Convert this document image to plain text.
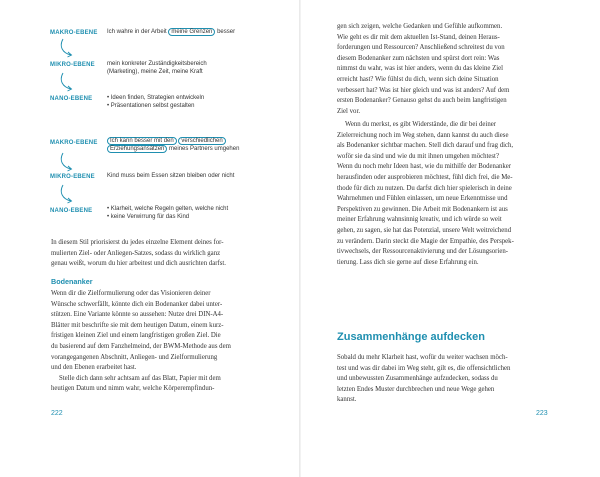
MAKRO-EBENE Ich wahre in der Arbeit meine Grenzen besser
MIKRO-EBENE mein konkreter Zuständigkeitsbereich
(Marketing), meine Zeit, meine Kraft
NANO-EBENE • Ideen finden, Strategien entwickeln
• Präsentationen selbst gestalten
MAKRO-EBENE	Ich kann besser mit den verschiedlichen
Erziehungsansätzen meines Partners umgehen
MIKRO-EBENE Kind muss beim Essen sitzen bleiben oder nicht
NANO-EBENE • Klarheit, welche Regeln gelten, welche nicht
• keine Verwirrung für das Kind
In diesem Stil priorisierst du jedes einzelne Element deines for-
mulierten Ziel- oder Anliegen-Satzes, sodass du wirklich ganz
genau weißt, worum du hier arbeitest und dich ausrichten darfst.
Bodenanker
Wenn dir die Zielformulierung oder das Visionieren deiner
Wünsche schwerfällt, könnte dich ein Bodenanker dabei unter-
stützen. Eine Variante könnte so aussehen: Nutze drei DIN-A4-
Blätter mit beschrifte sie mit dem heutigen Datum, einem kurz-
fristigen kleinen Ziel und einem langfristigen großen Ziel. Die
du basierend auf dem Fanzhelmeind, der BWM-Methode aus dem
vorangegangenen Abschnitt, Anliegen- und Zielformulierung
und den Ebenen erarbeitet hast.
Stelle dich dann sehr achtsam auf das Blatt, Papier mit dem
heutigen Datum und nimm wahr, welche Körperempfindun-
222
gen sich zeigen, welche Gedanken und Gefühle aufkommen.
Wie geht es dir mit dem aktuellen Ist-Stand, deinen Heraus-
forderungen und Ressourcen? Anschließend schreitest du von
diesem Bodenanker zum nächsten und spürst dort rein: Was
nimmst du wahr, was ist hier anders, wenn du das kleine Ziel
erreicht hast? Wie fühlst du dich, wenn sich deine Situation
verbessert hat? Was ist hier gleich und was ist anders? Auf dem
ersten Bodenanker? Genauso gehst du auch beim langfristigen
Ziel vor.
Wenn du merkst, es gibt Widerstände, die dir bei deiner
Zielerreichung noch im Weg stehen, dann kannst du auch diese
als Bodenanker sichtbar machen. Stell dich darauf und frag dich,
woför sie da sind und wie du mit ihnen umgehen möchtest?
Wenn du noch mehr Ideen hast, wie du mithilfe der Bodenanker
herausfinden oder ausprobieren möchtest, fühl dich frei, die Me-
thode für dich zu nutzen. Du darfst dich hier spielerisch in deine
Wahrnehmen und Fühlen einlassen, um neue Erkenntnisse und
Perspektiven zu gewinnen. Die Arbeit mit Bodenankern ist aus
meiner Erfahrung wahnsinnig kreativ, und ich würde so weit
gehen, zu sagen, sie hat das Potenzial, unsere Welt weitreichend
zu verändern. Darin steckt die Magie der Empathie, des Perspek-
tivwechsels, der Ressourcenaktivierung und der Lösungsorien-
tierung. Lass dich sie gerne auf diese Erfahrung ein.
Zusammenhänge aufdecken
Sobald du mehr Klarheit hast, wofür du weiter wachsen möch-
test und was dir dabei im Weg steht, gilt es, die offensichtlichen
und unbewussten Zusammenhänge aufzudecken, sodass du
letzten Endes Muster durchbrechen und neue Wege gehen
kannst.
223
